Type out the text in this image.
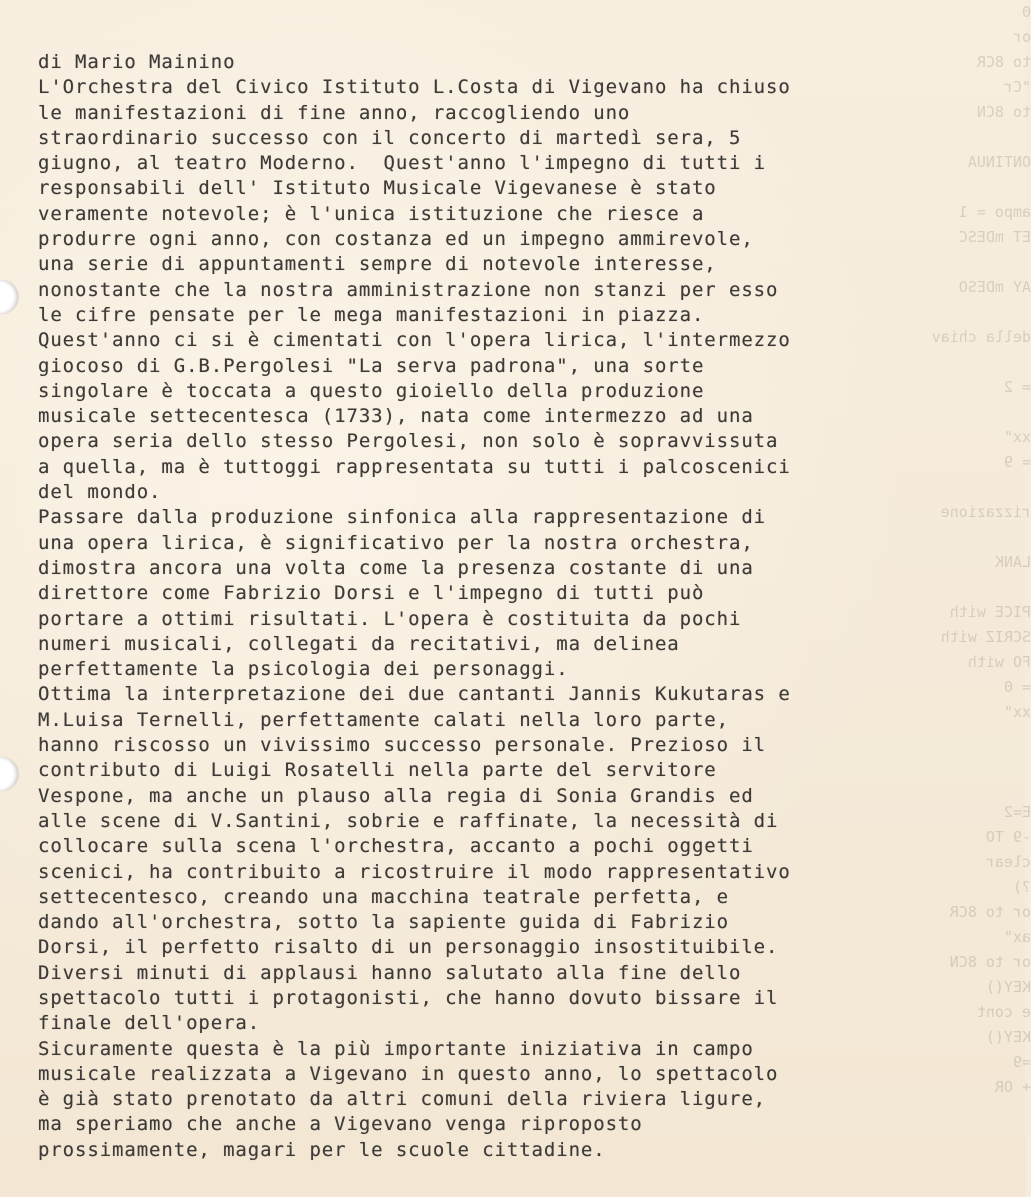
0
or
to 8CR
"Cr
to 8CN
ONTINUA
ampo = 1
ET mDESC
AY mDESO
della chiav
= 2
xx"
= 9
rizzazione
LANK
PICE with
SCRIZ with
FO with
= 0
xx"
E=2
-9 TO
clear
?)
or to 8CR
ax"
or to 8CN
KEY()
e cont
KEY()
=9
+ OR
di Mario Mainino
L'Orchestra del Civico Istituto L.Costa di Vigevano ha chiuso
le manifestazioni di fine anno, raccogliendo uno
straordinario successo con il concerto di martedì sera, 5
giugno, al teatro Moderno.  Quest'anno l'impegno di tutti i
responsabili dell' Istituto Musicale Vigevanese è stato
veramente notevole; è l'unica istituzione che riesce a
produrre ogni anno, con costanza ed un impegno ammirevole,
una serie di appuntamenti sempre di notevole interesse,
nonostante che la nostra amministrazione non stanzi per esso
le cifre pensate per le mega manifestazioni in piazza.
Quest'anno ci si è cimentati con l'opera lirica, l'intermezzo
giocoso di G.B.Pergolesi "La serva padrona", una sorte
singolare è toccata a questo gioiello della produzione
musicale settecentesca (1733), nata come intermezzo ad una
opera seria dello stesso Pergolesi, non solo è sopravvissuta
a quella, ma è tuttoggi rappresentata su tutti i palcoscenici
del mondo.
Passare dalla produzione sinfonica alla rappresentazione di
una opera lirica, è significativo per la nostra orchestra,
dimostra ancora una volta come la presenza costante di una
direttore come Fabrizio Dorsi e l'impegno di tutti può
portare a ottimi risultati. L'opera è costituita da pochi
numeri musicali, collegati da recitativi, ma delinea
perfettamente la psicologia dei personaggi.
Ottima la interpretazione dei due cantanti Jannis Kukutaras e
M.Luisa Ternelli, perfettamente calati nella loro parte,
hanno riscosso un vivissimo successo personale. Prezioso il
contributo di Luigi Rosatelli nella parte del servitore
Vespone, ma anche un plauso alla regia di Sonia Grandis ed
alle scene di V.Santini, sobrie e raffinate, la necessità di
collocare sulla scena l'orchestra, accanto a pochi oggetti
scenici, ha contribuito a ricostruire il modo rappresentativo
settecentesco, creando una macchina teatrale perfetta, e
dando all'orchestra, sotto la sapiente guida di Fabrizio
Dorsi, il perfetto risalto di un personaggio insostituibile.
Diversi minuti di applausi hanno salutato alla fine dello
spettacolo tutti i protagonisti, che hanno dovuto bissare il
finale dell'opera.
Sicuramente questa è la più importante iniziativa in campo
musicale realizzata a Vigevano in questo anno, lo spettacolo
è già stato prenotato da altri comuni della riviera ligure,
ma speriamo che anche a Vigevano venga riproposto
prossimamente, magari per le scuole cittadine.
